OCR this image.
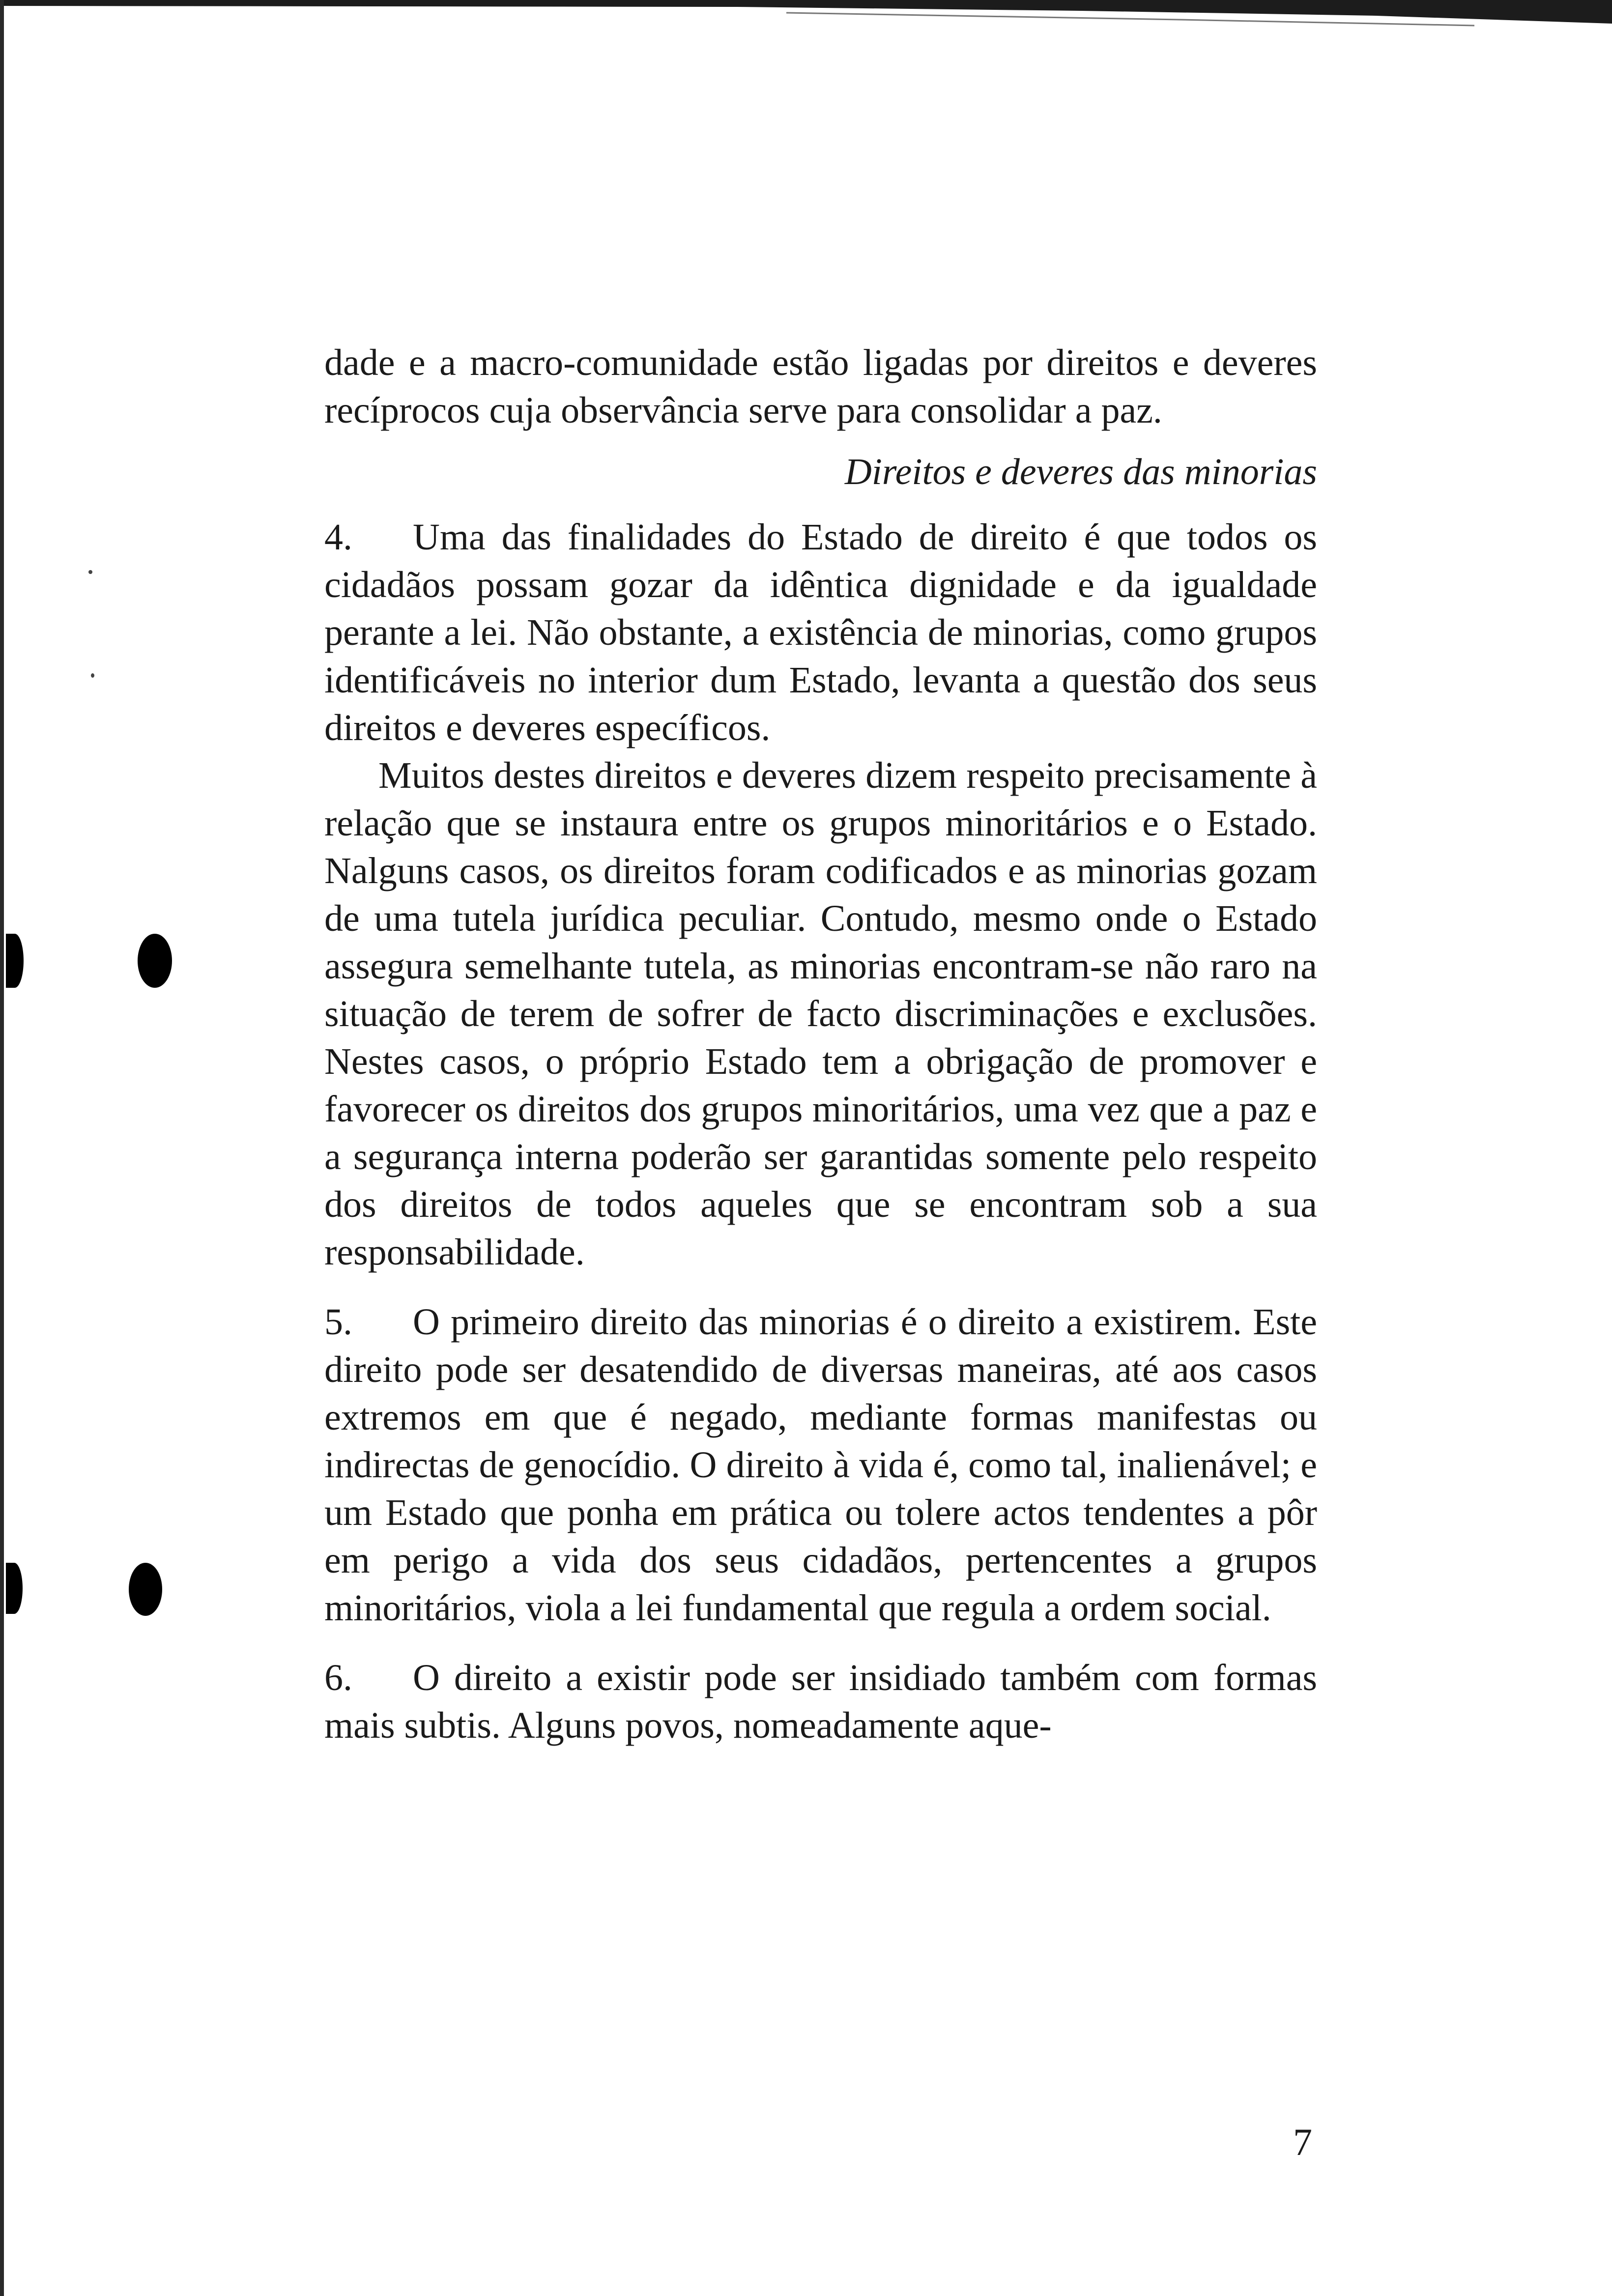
dade e a macro-comunidade estão ligadas por direitos e deveres recíprocos cuja observância serve para consolidar a paz.

Direitos e deveres das minorias

4. Uma das finalidades do Estado de direito é que todos os cidadãos possam gozar da idêntica dignidade e da igualdade perante a lei. Não obstante, a existência de minorias, como grupos identificáveis no interior dum Estado, levanta a questão dos seus direitos e deveres específicos.

Muitos destes direitos e deveres dizem respeito precisamente à relação que se instaura entre os grupos minoritários e o Estado. Nalguns casos, os direitos foram codificados e as minorias gozam de uma tutela jurídica peculiar. Contudo, mesmo onde o Estado assegura semelhante tutela, as minorias encontram-se não raro na situação de terem de sofrer de facto discriminações e exclusões. Nestes casos, o próprio Estado tem a obrigação de promover e favorecer os direitos dos grupos minoritários, uma vez que a paz e a segurança interna poderão ser garantidas somente pelo respeito dos direitos de todos aqueles que se encontram sob a sua responsabilidade.

5. O primeiro direito das minorias é o direito a existirem. Este direito pode ser desatendido de diversas maneiras, até aos casos extremos em que é negado, mediante formas manifestas ou indirectas de genocídio. O direito à vida é, como tal, inalienável; e um Estado que ponha em prática ou tolere actos tendentes a pôr em perigo a vida dos seus cidadãos, pertencentes a grupos minoritários, viola a lei fundamental que regula a ordem social.

6. O direito a existir pode ser insidiado também com formas mais subtis. Alguns povos, nomeadamente aque-

7
